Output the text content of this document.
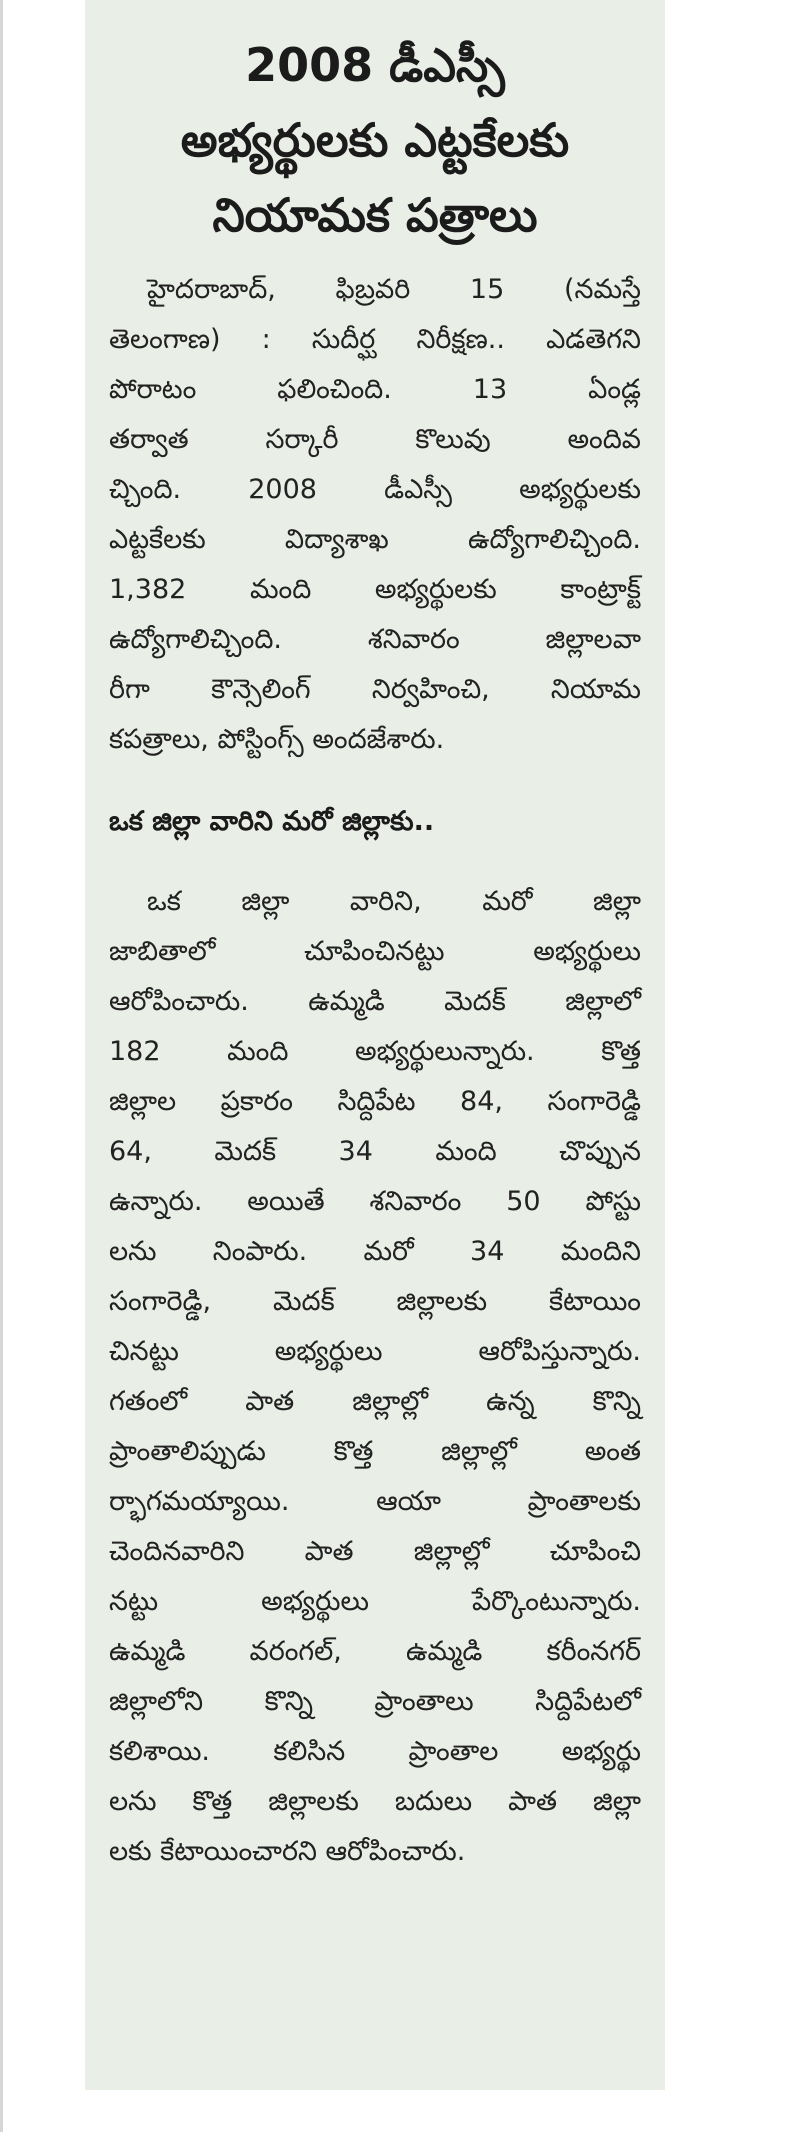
2008 డీఎస్సీ
అభ్యర్థులకు ఎట్టకేలకు
నియామక పత్రాలు
హైదరాబాద్, ఫిబ్రవరి 15 (నమస్తే
తెలంగాణ) : సుదీర్ఘ నిరీక్షణ.. ఎడతెగని
పోరాటం ఫలించింది. 13 ఏండ్ల
తర్వాత సర్కారీ కొలువు అందివ
చ్చింది. 2008 డీఎస్సీ అభ్యర్థులకు
ఎట్టకేలకు విద్యాశాఖ ఉద్యోగాలిచ్చింది.
1,382 మంది అభ్యర్థులకు కాంట్రాక్ట్
ఉద్యోగాలిచ్చింది. శనివారం జిల్లాలవా
రీగా కౌన్సెలింగ్ నిర్వహించి, నియామ
కపత్రాలు, పోస్టింగ్స్ అందజేశారు.
ఒక జిల్లా వారిని మరో జిల్లాకు..
ఒక జిల్లా వారిని, మరో జిల్లా
జాబితాలో చూపించినట్టు అభ్యర్థులు
ఆరోపించారు. ఉమ్మడి మెదక్ జిల్లాలో
182 మంది అభ్యర్థులున్నారు. కొత్త
జిల్లాల ప్రకారం సిద్దిపేట 84, సంగారెడ్డి
64, మెదక్ 34 మంది చొప్పున
ఉన్నారు. అయితే శనివారం 50 పోస్టు
లను నింపారు. మరో 34 మందిని
సంగారెడ్డి, మెదక్ జిల్లాలకు కేటాయిం
చినట్టు అభ్యర్థులు ఆరోపిస్తున్నారు.
గతంలో పాత జిల్లాల్లో ఉన్న కొన్ని
ప్రాంతాలిప్పుడు కొత్త జిల్లాల్లో అంత
ర్భాగమయ్యాయి. ఆయా ప్రాంతాలకు
చెందినవారిని పాత జిల్లాల్లో చూపించి
నట్టు అభ్యర్థులు పేర్కొంటున్నారు.
ఉమ్మడి వరంగల్, ఉమ్మడి కరీంనగర్
జిల్లాలోని కొన్ని ప్రాంతాలు సిద్దిపేటలో
కలిశాయి. కలిసిన ప్రాంతాల అభ్యర్థు
లను కొత్త జిల్లాలకు బదులు పాత జిల్లా
లకు కేటాయించారని ఆరోపించారు.
